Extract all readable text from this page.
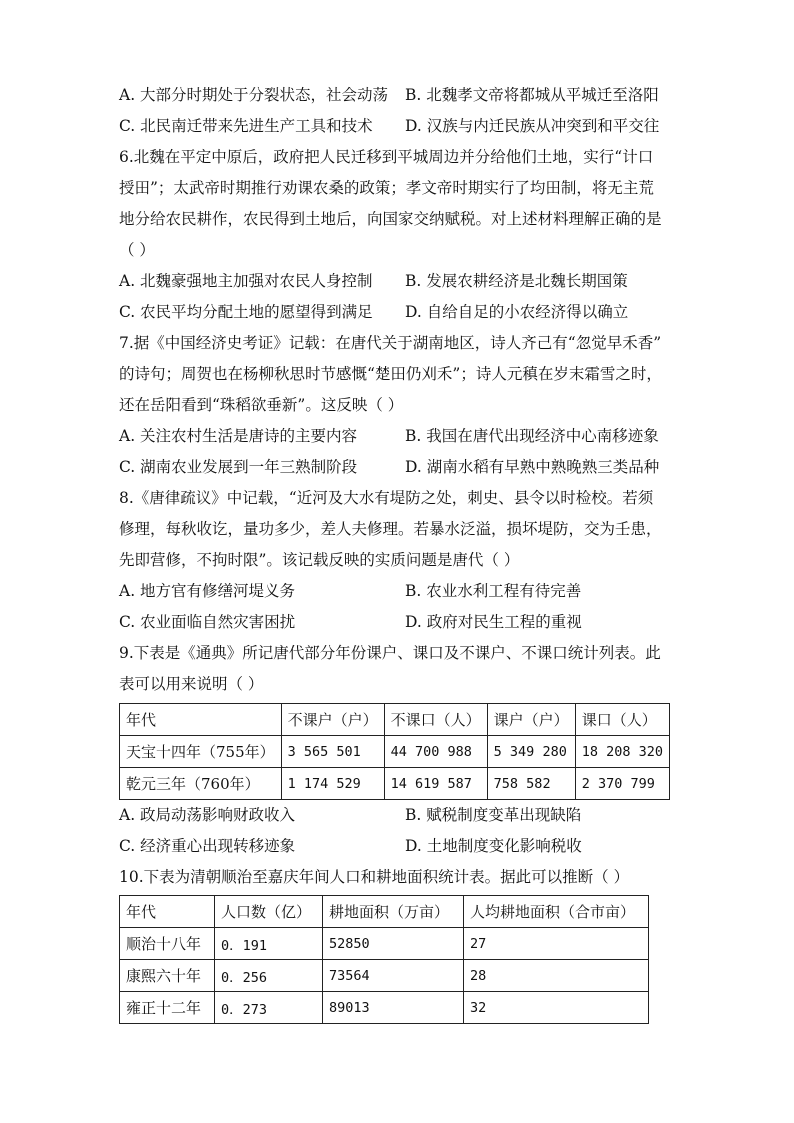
A. 大部分时期处于分裂状态，社会动荡 B. 北魏孝文帝将都城从平城迁至洛阳
C. 北民南迁带来先进生产工具和技术 D. 汉族与内迁民族从冲突到和平交往
6.北魏在平定中原后，政府把人民迁移到平城周边并分给他们土地，实行“计口
授田”；太武帝时期推行劝课农桑的政策；孝文帝时期实行了均田制，将无主荒
地分给农民耕作，农民得到土地后，向国家交纳赋税。对上述材料理解正确的是
（ ）
A. 北魏豪强地主加强对农民人身控制 B. 发展农耕经济是北魏长期国策
C. 农民平均分配土地的愿望得到满足 D. 自给自足的小农经济得以确立
7.据《中国经济史考证》记载：在唐代关于湖南地区，诗人齐己有“忽觉早禾香”
的诗句；周贺也在杨柳秋思时节感慨“楚田仍刈禾”；诗人元稹在岁末霜雪之时，
还在岳阳看到“珠稻欲垂新”。这反映（ ）
A. 关注农村生活是唐诗的主要内容	B. 我国在唐代出现经济中心南移迹象
C. 湖南农业发展到一年三熟制阶段	D. 湖南水稻有早熟中熟晚熟三类品种
8.《唐律疏议》中记载，“近河及大水有堤防之处，刺史、县令以时检校。若须
修理，每秋收讫，量功多少，差人夫修理。若暴水泛溢，损坏堤防，交为壬患，
先即营修，不拘时限”。该记载反映的实质问题是唐代（ ）
A. 地方官有修缮河堤义务	B. 农业水利工程有待完善
C. 农业面临自然灾害困扰	D. 政府对民生工程的重视
9.下表是《通典》所记唐代部分年份课户、课口及不课户、不课口统计列表。此
表可以用来说明（ ）
年代	不课户（户）	不课口（人）	课户（户）	课口（人）
天宝十四年（755年）	3 565 501	44 700 988	5 349 280	18 208 320
乾元三年（760年）	1 174 529	14 619 587	758 582	2 370 799
A. 政局动荡影响财政收入	B. 赋税制度变革出现缺陷
C. 经济重心出现转移迹象	D. 土地制度变化影响税收
10.下表为清朝顺治至嘉庆年间人口和耕地面积统计表。据此可以推断（ ）
年代	人口数（亿）	耕地面积（万亩）	人均耕地面积（合市亩）
顺治十八年	0．191	52850	27
康熙六十年	0．256	73564	28
雍正十二年	0．273	89013	32
